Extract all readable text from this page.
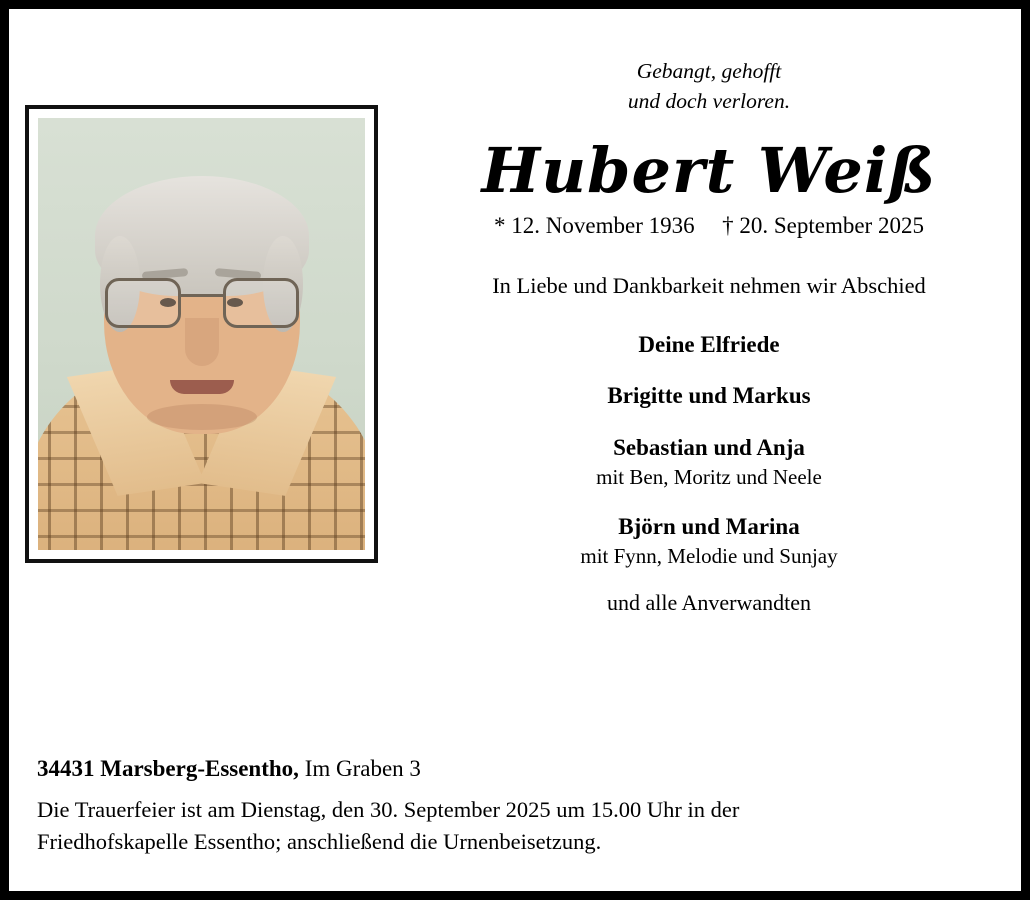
Gebangt, gehofft
und doch verloren.
Hubert Weiß
* 12. November 1936 † 20. September 2025
In Liebe und Dankbarkeit nehmen wir Abschied
Deine Elfriede
Brigitte und Markus
Sebastian und Anja
mit Ben, Moritz und Neele
Björn und Marina
mit Fynn, Melodie und Sunjay
und alle Anverwandten
34431 Marsberg-Essentho, Im Graben 3
Die Trauerfeier ist am Dienstag, den 30. September 2025 um 15.00 Uhr in der
Friedhofskapelle Essentho; anschließend die Urnenbeisetzung.
